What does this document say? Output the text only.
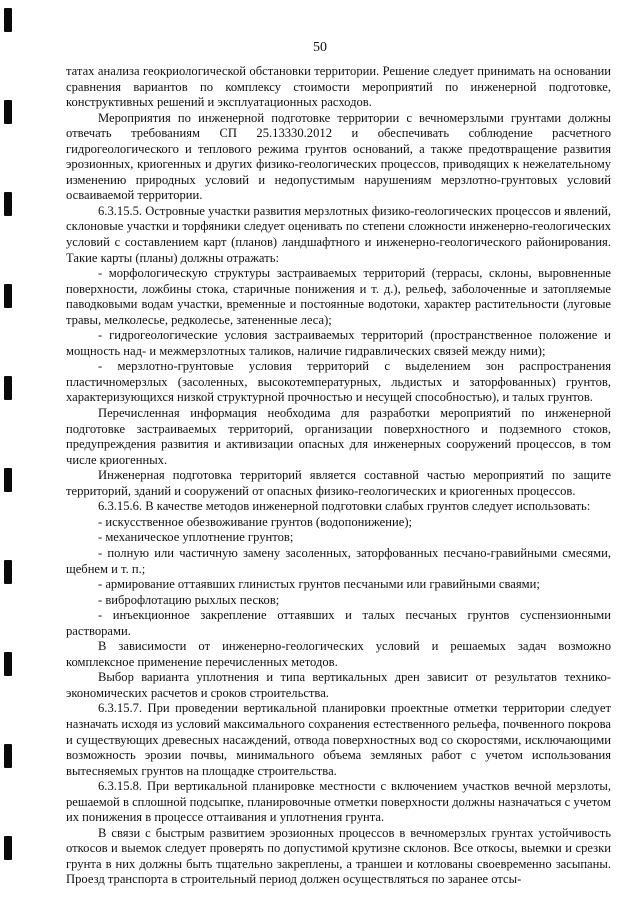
50

татах анализа геокриологической обстановки территории. Решение следует принимать на основании сравнения вариантов по комплексу стоимости мероприятий по инженерной подготовке, конструктивных решений и эксплуатационных расходов.

Мероприятия по инженерной подготовке территории с вечномерзлыми грунтами должны отвечать требованиям СП 25.13330.2012 и обеспечивать соблюдение расчетного гидрогеологического и теплового режима грунтов оснований, а также предотвращение развития эрозионных, криогенных и других физико-геологических процессов, приводящих к нежелательному изменению природных условий и недопустимым нарушениям мерзлотно-грунтовых условий осваиваемой территории.

6.3.15.5. Островные участки развития мерзлотных физико-геологических процессов и явлений, склоновые участки и торфяники следует оценивать по степени сложности инженерно-геологических условий с составлением карт (планов) ландшафтного и инженерно-геологического районирования. Такие карты (планы) должны отражать:

- морфологическую структуры застраиваемых территорий (террасы, склоны, выровненные поверхности, ложбины стока, старичные понижения и т. д.), рельеф, заболоченные и затопляемые паводковыми водам участки, временные и постоянные водотоки, характер растительности (луговые травы, мелколесье, редколесье, затененные леса);

- гидрогеологические условия застраиваемых территорий (пространственное положение и мощность над- и межмерзлотных таликов, наличие гидравлических связей между ними);

- мерзлотно-грунтовые условия территорий с выделением зон распространения пластичномерзлых (засоленных, высокотемпературных, льдистых и заторфованных) грунтов, характеризующихся низкой структурной прочностью и несущей способностью), и талых грунтов.

Перечисленная информация необходима для разработки мероприятий по инженерной подготовке застраиваемых территорий, организации поверхностного и подземного стоков, предупреждения развития и активизации опасных для инженерных сооружений процессов, в том числе криогенных.

Инженерная подготовка территорий является составной частью мероприятий по защите территорий, зданий и сооружений от опасных физико-геологических и криогенных процессов.

6.3.15.6. В качестве методов инженерной подготовки слабых грунтов следует использовать:

- искусственное обезвоживание грунтов (водопонижение);

- механическое уплотнение грунтов;

- полную или частичную замену засоленных, заторфованных песчано-гравийными смесями, щебнем и т. п.;

- армирование оттаявших глинистых грунтов песчаными или гравийными сваями;

- виброфлотацию рыхлых песков;

- инъекционное закрепление оттаявших и талых песчаных грунтов суспензионными растворами.

В зависимости от инженерно-геологических условий и решаемых задач возможно комплексное применение перечисленных методов.

Выбор варианта уплотнения и типа вертикальных дрен зависит от результатов технико-экономических расчетов и сроков строительства.

6.3.15.7. При проведении вертикальной планировки проектные отметки территории следует назначать исходя из условий максимального сохранения естественного рельефа, почвенного покрова и существующих древесных насаждений, отвода поверхностных вод со скоростями, исключающими возможность эрозии почвы, минимального объема земляных работ с учетом использования вытесняемых грунтов на площадке строительства.

6.3.15.8. При вертикальной планировке местности с включением участков вечной мерзлоты, решаемой в сплошной подсыпке, планировочные отметки поверхности должны назначаться с учетом их понижения в процессе оттаивания и уплотнения грунта.

В связи с быстрым развитием эрозионных процессов в вечномерзлых грунтах устойчивость откосов и выемок следует проверять по допустимой крутизне склонов. Все откосы, выемки и срезки грунта в них должны быть тщательно закреплены, а траншеи и котлованы своевременно засыпаны. Проезд транспорта в строительный период должен осуществляться по заранее отсы-
